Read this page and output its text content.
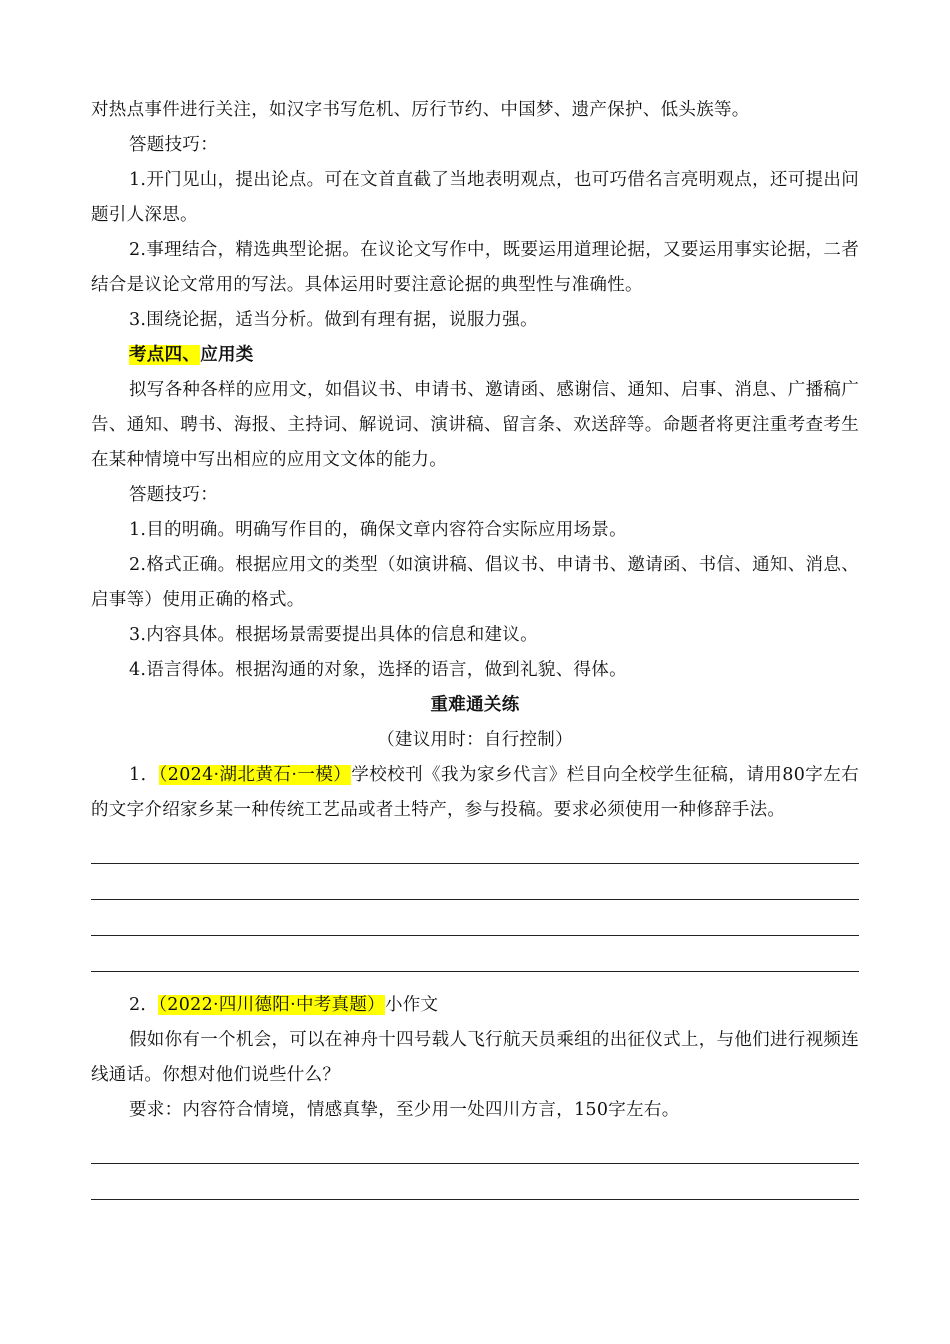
对热点事件进行关注，如汉字书写危机、厉行节约、中国梦、遗产保护、低头族等。

答题技巧：

1.开门见山，提出论点。可在文首直截了当地表明观点，也可巧借名言亮明观点，还可提出问题引人深思。

2.事理结合，精选典型论据。在议论文写作中，既要运用道理论据，又要运用事实论据，二者结合是议论文常用的写法。具体运用时要注意论据的典型性与准确性。

3.围绕论据，适当分析。做到有理有据，说服力强。

考点四、应用类

拟写各种各样的应用文，如倡议书、申请书、邀请函、感谢信、通知、启事、消息、广播稿广告、通知、聘书、海报、主持词、解说词、演讲稿、留言条、欢送辞等。命题者将更注重考查考生在某种情境中写出相应的应用文文体的能力。

答题技巧：

1.目的明确。明确写作目的，确保文章内容符合实际应用场景。

2.格式正确。根据应用文的类型（如演讲稿、倡议书、申请书、邀请函、书信、通知、消息、启事等）使用正确的格式。

3.内容具体。根据场景需要提出具体的信息和建议。

4.语言得体。根据沟通的对象，选择的语言，做到礼貌、得体。

重难通关练

（建议用时：自行控制）

1．（2024·湖北黄石·一模）学校校刊《我为家乡代言》栏目向全校学生征稿，请用80字左右的文字介绍家乡某一种传统工艺品或者土特产，参与投稿。要求必须使用一种修辞手法。

2．（2022·四川德阳·中考真题）小作文

假如你有一个机会，可以在神舟十四号载人飞行航天员乘组的出征仪式上，与他们进行视频连线通话。你想对他们说些什么？

要求：内容符合情境，情感真挚，至少用一处四川方言，150字左右。
